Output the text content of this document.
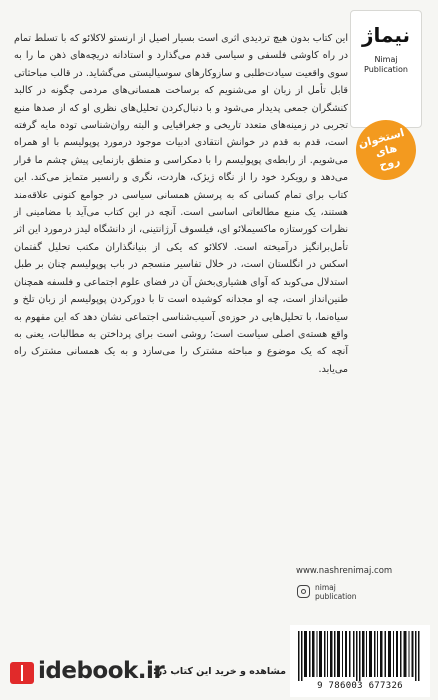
نیماژ
Nimaj
Publication
استخوان های روح
این کتاب بدون هیچ تردیدی اثری است بسیار اصیل از ارنستو لاکلائو که با تسلط تمام در راه کاوشی فلسفی و سیاسی قدم می‌گذارد و استادانه دریچه‌های ذهن ما را به سوی واقعیت سیادت‌طلبی و سازوکارهای سوسیالیستی می‌گشاید. در قالب مباحثاتی قابل تأمل از زبان او می‌شنویم که برساخت همسانی‌های مردمی چگونه در کالبد کنشگران جمعی پدیدار می‌شود و با دنبال‌کردن تحلیل‌های نظری او که از صدها منبع تجربی در زمینه‌های متعدد تاریخی و جغرافیایی و البته روان‌شناسی توده مایه گرفته است، قدم به قدم در خوانش انتقادی ادبیات موجود درمورد پوپولیسم با او همراه می‌شویم. از رابطه‌ی پوپولیسم را با دمکراسی و منطق بازنمایی پیش چشم ما قرار می‌دهد و رویکرد خود را از نگاه ژیژک، هاردت، نگری و رانسیر متمایز می‌کند. این کتاب برای تمام کسانی که به پرسش همسانی سیاسی در جوامع کنونی علاقه‌مند هستند، یک منبع مطالعاتی اساسی است. آنچه در این کتاب می‌آید با مضامینی از نظرات کورستازه ماکسیملائو ای، فیلسوف آرژانتینی، از دانشگاه لیدز درمورد این اثر تأمل‌برانگیز درآمیخته است. لاکلائو که یکی از بنیانگذاران مکتب تحلیل گفتمان اسکس در انگلستان است، در خلال تفاسیر منسجم در باب پوپولیسم چنان بر طبل استدلال می‌کوبد که آوای هشیاری‌بخش آن در فضای علوم اجتماعی و فلسفه همچنان طنین‌انداز است، چه او مجدانه کوشیده است تا با دورکردن پوپولیسم از زبان تلخ و سیاه‌نما، با تحلیل‌هایی در حوزه‌ی آسیب‌شناسی اجتماعی نشان دهد که این مفهوم به واقع هسته‌ی اصلی سیاست است؛ روشی است برای پرداختن به مطالبات، یعنی به آنچه که یک موضوع و مباحثه مشترک را می‌سازد و به یک همسانی مشترک راه می‌یابد.
www.nashrenimaj.com
nimaj
publication
9 786003 677326
idebook.ir
مشاهده و خرید این کتاب در:
